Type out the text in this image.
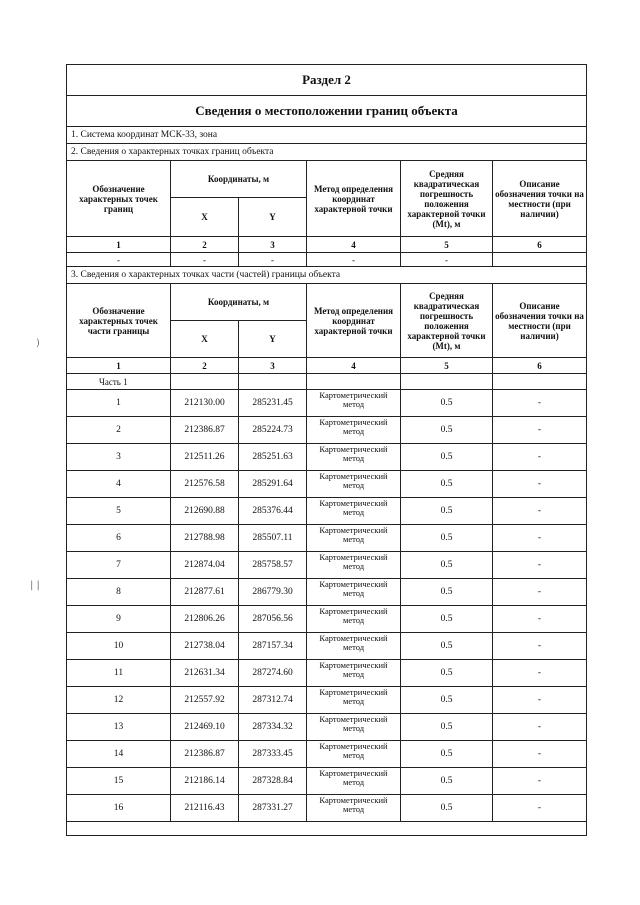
)
| |
Раздел 2					
Сведения о местоположении границ объекта					
1. Система координат МСК-33, зона					
2. Сведения о характерных точках границ объекта					
Обозначение характерных точек границ	Координаты, м		Метод определения координат характерной точки	Средняя квадратическая погрешность положения характерной точки (Mt), м	Описание обозначения точки на местности (при наличии)
	X	Y			
1	2	3	4	5	6
-	-	-	-	-	
3. Сведения о характерных точках части (частей) границы объекта					
Обозначение характерных точек части границы	Координаты, м		Метод определения координат характерной точки	Средняя квадратическая погрешность положения характерной точки (Mt), м	Описание обозначения точки на местности (при наличии)
	X	Y			
1	2	3	4	5	6
Часть 1					
1	212130.00	285231.45	Картометрический метод	0.5	-
2	212386.87	285224.73	Картометрический метод	0.5	-
3	212511.26	285251.63	Картометрический метод	0.5	-
4	212576.58	285291.64	Картометрический метод	0.5	-
5	212690.88	285376.44	Картометрический метод	0.5	-
6	212788.98	285507.11	Картометрический метод	0.5	-
7	212874.04	285758.57	Картометрический метод	0.5	-
8	212877.61	286779.30	Картометрический метод	0.5	-
9	212806.26	287056.56	Картометрический метод	0.5	-
10	212738.04	287157.34	Картометрический метод	0.5	-
11	212631.34	287274.60	Картометрический метод	0.5	-
12	212557.92	287312.74	Картометрический метод	0.5	-
13	212469.10	287334.32	Картометрический метод	0.5	-
14	212386.87	287333.45	Картометрический метод	0.5	-
15	212186.14	287328.84	Картометрический метод	0.5	-
16	212116.43	287331.27	Картометрический метод	0.5	-
